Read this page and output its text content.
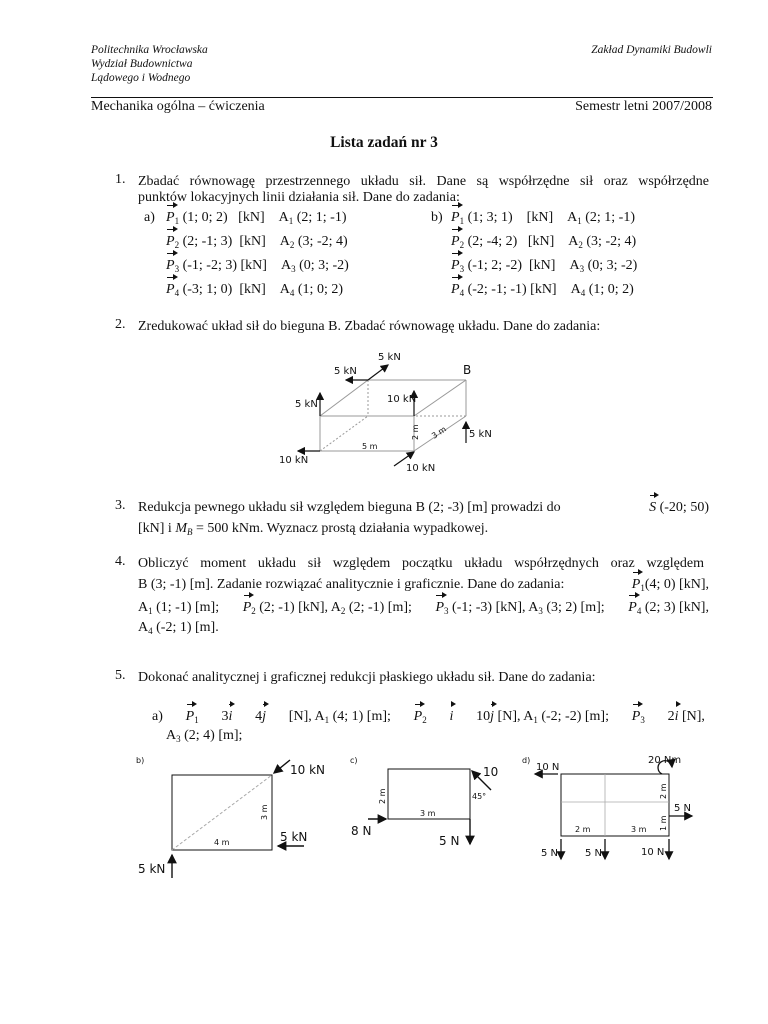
Politechnika Wrocławska
Wydział Budownictwa
Lądowego i Wodnego
Zakład Dynamiki Budowli
Mechanika ogólna – ćwiczenia	Semestr letni 2007/2008
Lista zadań nr 3
1. Zbadać równowagę przestrzennego układu sił. Dane są współrzędne sił oraz współrzędne
punktów lokacyjnych linii działania sił. Dane do zadania:
a)	b)
$P_1$ (1; 0; 2)   [kN] $A_1$ (2; 1; -1)
$P_2$ (2; -1; 3)  [kN] $A_2$ (3; -2; 4)
$P_3$ (-1; -2; 3) [kN] $A_3$ (0; 3; -2)
$P_4$ (-3; 1; 0)  [kN] $A_4$ (1; 0; 2)
$P_1$ (1; 3; 1)    [kN] $A_1$ (2; 1; -1)
$P_2$ (2; -4; 2)   [kN] $A_2$ (3; -2; 4)
$P_3$ (-1; 2; -2)  [kN] $A_3$ (0; 3; -2)
$P_4$ (-2; -1; -1) [kN] $A_4$ (1; 0; 2)
2. Zredukować układ sił do bieguna B. Zbadać równowagę układu. Dane do zadania:
5 kN
5 kN
5 kN	10 kN
5 kN
10 kN
10 kN
B
5 m
2 m 3 m
3. Redukcja pewnego układu sił względem bieguna B (2; -3) [m] prowadzi do	S (-20; 50)
[kN] i $M_B = 500$ kNm. Wyznacz prostą działania wypadkowej.
4. Obliczyć moment układu sił względem początku układu współrzędnych oraz względem
B (3; -1) [m]. Zadanie rozwiązać analitycznie i graficznie. Dane do zadania:	$P_1(4$; 0) [kN],
$A_1$ (1; -1) [m]; $P_2$ (2; -1) [kN], $A_2$ (2; -1) [m]; $P_3$ (-1; -3) [kN], $A_3$ (3; 2) [m]; $P_4$ (2; 3) [kN],
$A_4$ (-2; 1) [m].
5. Dokonać analitycznej i graficznej redukcji płaskiego układu sił. Dane do zadania:
a) $P_1$ 3i 4j [N], $A_1$ (4; 1) [m]; $P_2$ i 10j [N], $A_1$ (-2; -2) [m]; $P_3$ 2i [N],
$A_3$ (2; 4) [m];
b)
10 kN
5 kN
5 kN
3 m
4 m
c)
10
8 N
5 N
45°
2 m
3 m
d)
10 N
20 Nm
5 N
5 N	5 N	10 N
2 m
1 m
2 m	3 m
